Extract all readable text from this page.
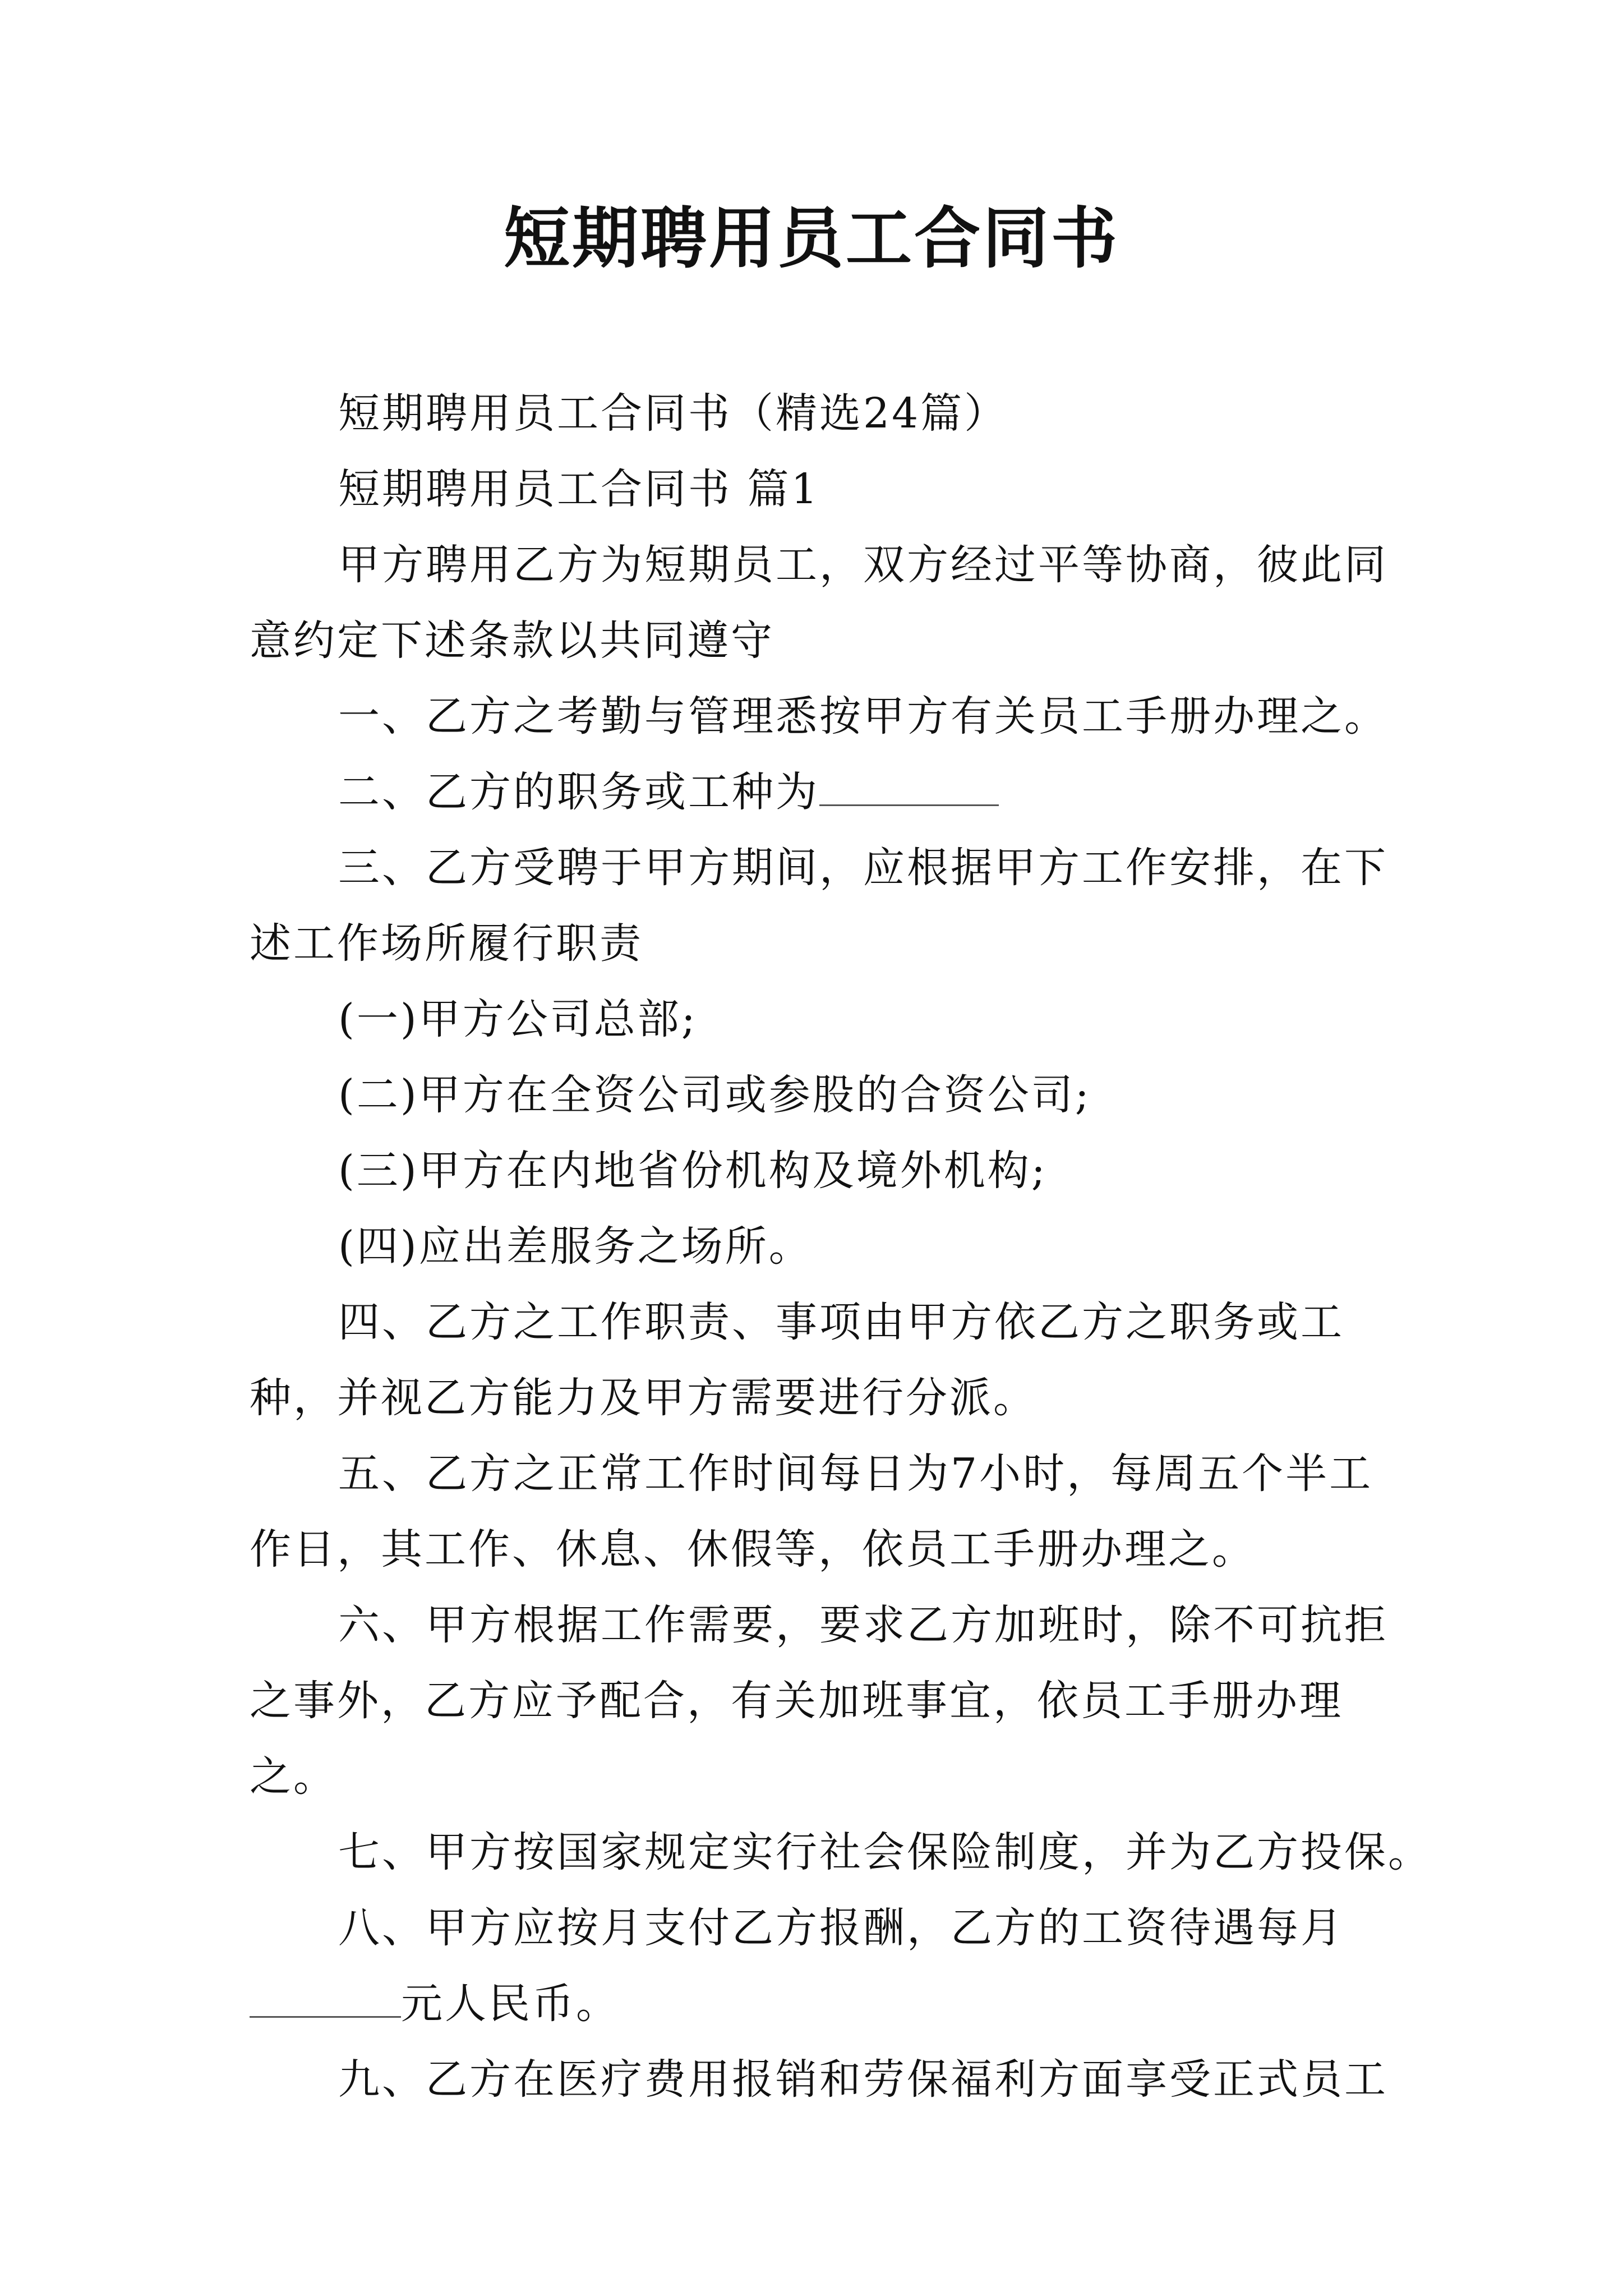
短期聘用员工合同书

短期聘用员工合同书（精选24篇）

短期聘用员工合同书 篇1

甲方聘用乙方为短期员工，双方经过平等协商，彼此同意约定下述条款以共同遵守

一、乙方之考勤与管理悉按甲方有关员工手册办理之。

二、乙方的职务或工种为

三、乙方受聘于甲方期间，应根据甲方工作安排，在下述工作场所履行职责

(一)甲方公司总部;

(二)甲方在全资公司或参股的合资公司;

(三)甲方在内地省份机构及境外机构;

(四)应出差服务之场所。

四、乙方之工作职责、事项由甲方依乙方之职务或工种，并视乙方能力及甲方需要进行分派。

五、乙方之正常工作时间每日为7小时，每周五个半工作日，其工作、休息、休假等，依员工手册办理之。

六、甲方根据工作需要，要求乙方加班时，除不可抗拒之事外，乙方应予配合，有关加班事宜，依员工手册办理之。

七、甲方按国家规定实行社会保险制度，并为乙方投保。

八、甲方应按月支付乙方报酬，乙方的工资待遇每月

元人民币。

九、乙方在医疗费用报销和劳保福利方面享受正式员工
